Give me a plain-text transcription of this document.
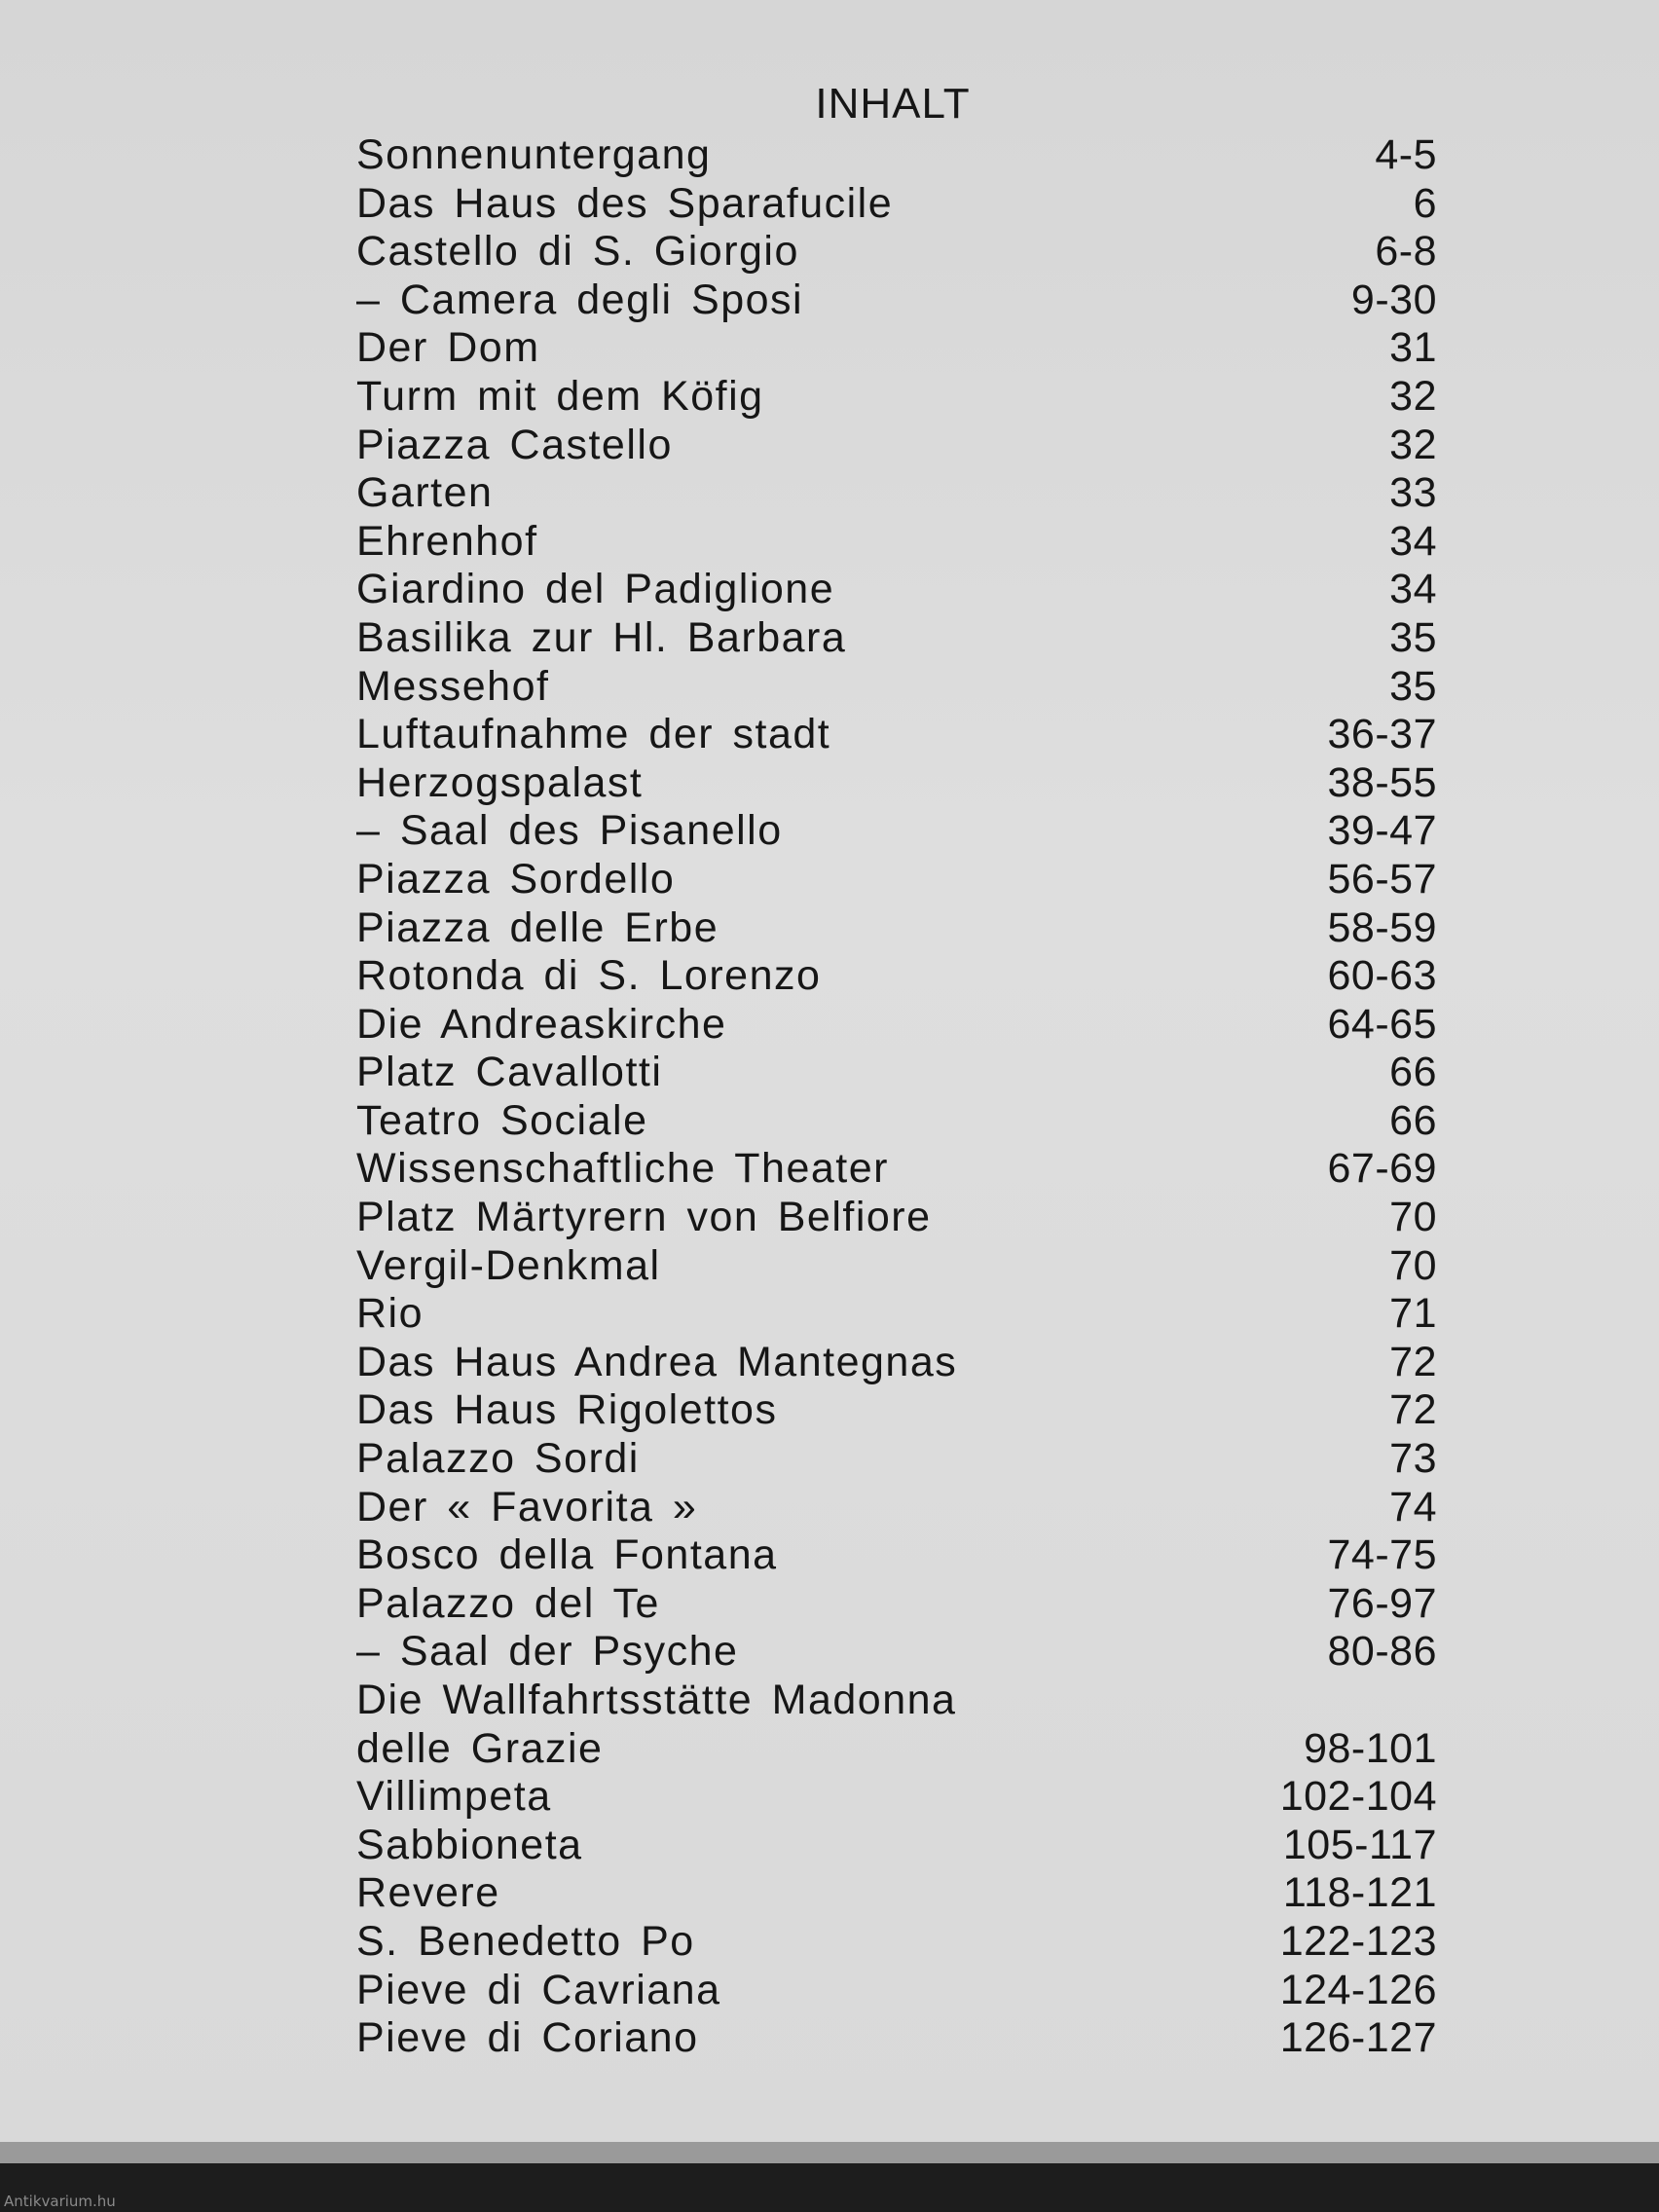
INHALT
Sonnenuntergang	4-5
Das Haus des Sparafucile	6
Castello di S. Giorgio	6-8
– Camera degli Sposi	9-30
Der Dom	31
Turm mit dem Köfig	32
Piazza Castello	32
Garten	33
Ehrenhof	34
Giardino del Padiglione	34
Basilika zur Hl. Barbara	35
Messehof	35
Luftaufnahme der stadt	36-37
Herzogspalast	38-55
– Saal des Pisanello	39-47
Piazza Sordello	56-57
Piazza delle Erbe	58-59
Rotonda di S. Lorenzo	60-63
Die Andreaskirche	64-65
Platz Cavallotti	66
Teatro Sociale	66
Wissenschaftliche Theater	67-69
Platz Märtyrern von Belfiore	70
Vergil-Denkmal	70
Rio	71
Das Haus Andrea Mantegnas	72
Das Haus Rigolettos	72
Palazzo Sordi	73
Der « Favorita »	74
Bosco della Fontana	74-75
Palazzo del Te	76-97
– Saal der Psyche	80-86
Die Wallfahrtsstätte Madonna
delle Grazie	98-101
Villimpeta	102-104
Sabbioneta	105-117
Revere	118-121
S. Benedetto Po	122-123
Pieve di Cavriana	124-126
Pieve di Coriano	126-127
Antikvarium.hu
